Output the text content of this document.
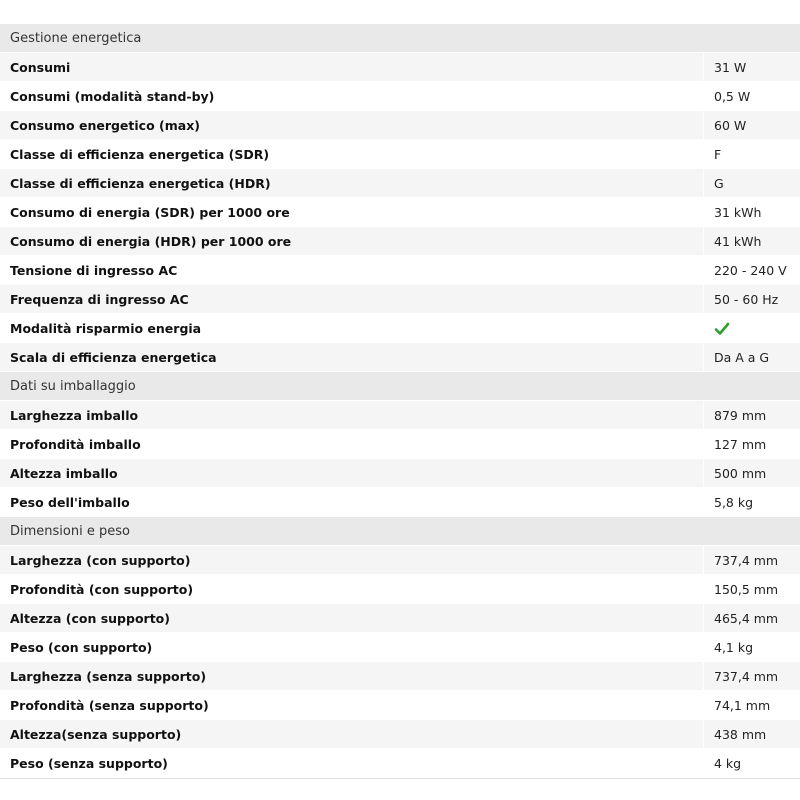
Gestione energetica
Consumi	31 W
Consumi (modalità stand-by)	0,5 W
Consumo energetico (max)	60 W
Classe di efficienza energetica (SDR)	F
Classe di efficienza energetica (HDR)	G
Consumo di energia (SDR) per 1000 ore	31 kWh
Consumo di energia (HDR) per 1000 ore	41 kWh
Tensione di ingresso AC	220 - 240 V
Frequenza di ingresso AC	50 - 60 Hz
Modalità risparmio energia
Scala di efficienza energetica	Da A a G
Dati su imballaggio
Larghezza imballo	879 mm
Profondità imballo	127 mm
Altezza imballo	500 mm
Peso dell'imballo	5,8 kg
Dimensioni e peso
Larghezza (con supporto)	737,4 mm
Profondità (con supporto)	150,5 mm
Altezza (con supporto)	465,4 mm
Peso (con supporto)	4,1 kg
Larghezza (senza supporto)	737,4 mm
Profondità (senza supporto)	74,1 mm
Altezza(senza supporto)	438 mm
Peso (senza supporto)	4 kg
